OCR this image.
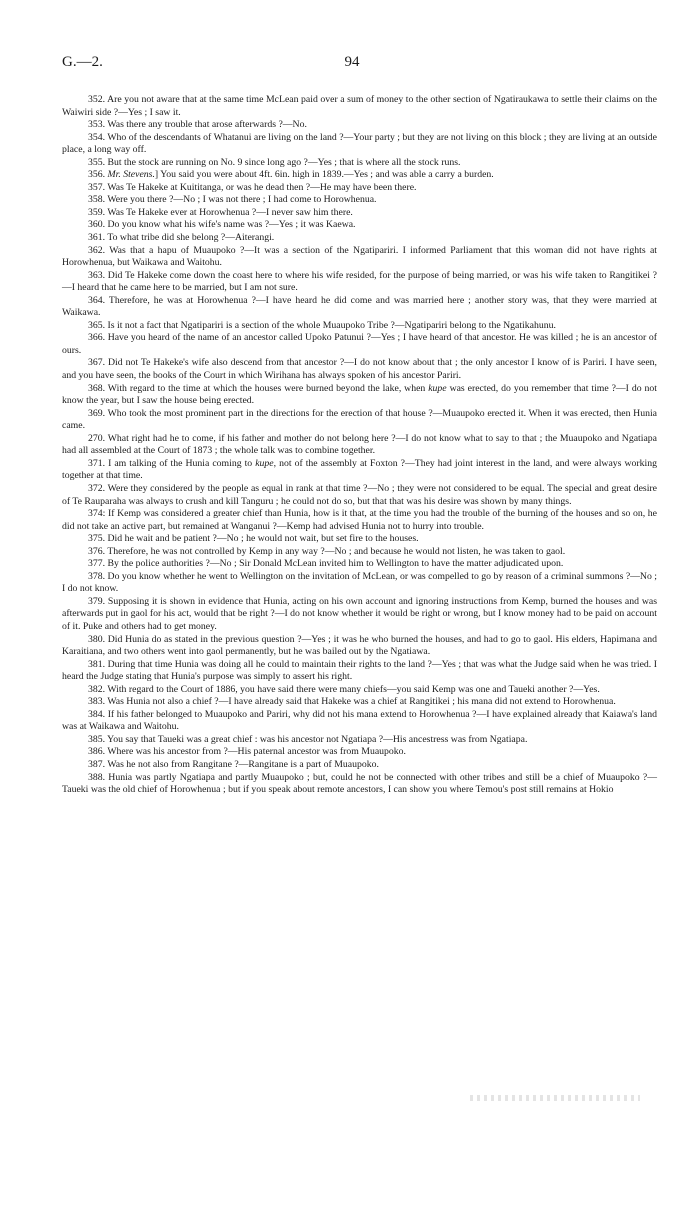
G.—2.	94

352. Are you not aware that at the same time McLean paid over a sum of money to the other section of Ngatiraukawa to settle their claims on the Waiwiri side ?—Yes ; I saw it.

353. Was there any trouble that arose afterwards ?—No.

354. Who of the descendants of Whatanui are living on the land ?—Your party ; but they are not living on this block ; they are living at an outside place, a long way off.

355. But the stock are running on No. 9 since long ago ?—Yes ; that is where all the stock runs.

356. Mr. Stevens.] You said you were about 4ft. 6in. high in 1839.—Yes ; and was able a carry a burden.

357. Was Te Hakeke at Kuititanga, or was he dead then ?—He may have been there.

358. Were you there ?—No ; I was not there ; I had come to Horowhenua.

359. Was Te Hakeke ever at Horowhenua ?—I never saw him there.

360. Do you know what his wife's name was ?—Yes ; it was Kaewa.

361. To what tribe did she belong ?—Aiterangi.

362. Was that a hapu of Muaupoko ?—It was a section of the Ngatipariri. I informed Parliament that this woman did not have rights at Horowhenua, but Waikawa and Waitohu.

363. Did Te Hakeke come down the coast here to where his wife resided, for the purpose of being married, or was his wife taken to Rangitikei ?—I heard that he came here to be married, but I am not sure.

364. Therefore, he was at Horowhenua ?—I have heard he did come and was married here ; another story was, that they were married at Waikawa.

365. Is it not a fact that Ngatipariri is a section of the whole Muaupoko Tribe ?—Ngatipariri belong to the Ngatikahunu.

366. Have you heard of the name of an ancestor called Upoko Patunui ?—Yes ; I have heard of that ancestor. He was killed ; he is an ancestor of ours.

367. Did not Te Hakeke's wife also descend from that ancestor ?—I do not know about that ; the only ancestor I know of is Pariri. I have seen, and you have seen, the books of the Court in which Wirihana has always spoken of his ancestor Pariri.

368. With regard to the time at which the houses were burned beyond the lake, when kupe was erected, do you remember that time ?—I do not know the year, but I saw the house being erected.

369. Who took the most prominent part in the directions for the erection of that house ?—Muaupoko erected it. When it was erected, then Hunia came.

270. What right had he to come, if his father and mother do not belong here ?—I do not know what to say to that ; the Muaupoko and Ngatiapa had all assembled at the Court of 1873 ; the whole talk was to combine together.

371. I am talking of the Hunia coming to kupe, not of the assembly at Foxton ?—They had joint interest in the land, and were always working together at that time.

372. Were they considered by the people as equal in rank at that time ?—No ; they were not considered to be equal. The special and great desire of Te Rauparaha was always to crush and kill Tanguru ; he could not do so, but that that was his desire was shown by many things.

374: If Kemp was considered a greater chief than Hunia, how is it that, at the time you had the trouble of the burning of the houses and so on, he did not take an active part, but remained at Wanganui ?—Kemp had advised Hunia not to hurry into trouble.

375. Did he wait and be patient ?—No ; he would not wait, but set fire to the houses.

376. Therefore, he was not controlled by Kemp in any way ?—No ; and because he would not listen, he was taken to gaol.

377. By the police authorities ?—No ; Sir Donald McLean invited him to Wellington to have the matter adjudicated upon.

378. Do you know whether he went to Wellington on the invitation of McLean, or was compelled to go by reason of a criminal summons ?—No ; I do not know.

379. Supposing it is shown in evidence that Hunia, acting on his own account and ignoring instructions from Kemp, burned the houses and was afterwards put in gaol for his act, would that be right ?—I do not know whether it would be right or wrong, but I know money had to be paid on account of it. Puke and others had to get money.

380. Did Hunia do as stated in the previous question ?—Yes ; it was he who burned the houses, and had to go to gaol. His elders, Hapimana and Karaitiana, and two others went into gaol permanently, but he was bailed out by the Ngatiawa.

381. During that time Hunia was doing all he could to maintain their rights to the land ?—Yes ; that was what the Judge said when he was tried. I heard the Judge stating that Hunia's purpose was simply to assert his right.

382. With regard to the Court of 1886, you have said there were many chiefs—you said Kemp was one and Taueki another ?—Yes.

383. Was Hunia not also a chief ?—I have already said that Hakeke was a chief at Rangitikei ; his mana did not extend to Horowhenua.

384. If his father belonged to Muaupoko and Pariri, why did not his mana extend to Horowhenua ?—I have explained already that Kaiawa's land was at Waikawa and Waitohu.

385. You say that Taueki was a great chief : was his ancestor not Ngatiapa ?—His ancestress was from Ngatiapa.

386. Where was his ancestor from ?—His paternal ancestor was from Muaupoko.

387. Was he not also from Rangitane ?—Rangitane is a part of Muaupoko.

388. Hunia was partly Ngatiapa and partly Muaupoko ; but, could he not be connected with other tribes and still be a chief of Muaupoko ?—Taueki was the old chief of Horowhenua ; but if you speak about remote ancestors, I can show you where Temou's post still remains at Hokio
